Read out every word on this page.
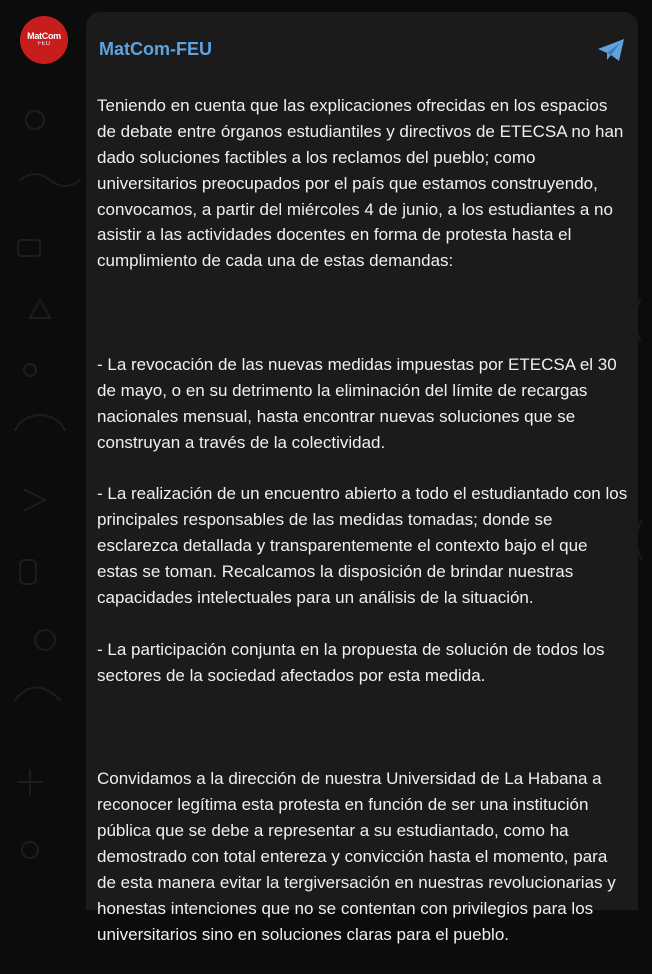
MatCom
FEU	MatCom-FEU

Teniendo en cuenta que las explicaciones ofrecidas en los espacios de debate entre órganos estudiantiles y directivos de ETECSA no han dado soluciones factibles a los reclamos del pueblo; como universitarios preocupados por el país que estamos construyendo, convocamos, a partir del miércoles 4 de junio, a los estudiantes a no asistir a las actividades docentes en forma de protesta hasta el cumplimiento de cada una de estas demandas:

- La revocación de las nuevas medidas impuestas por ETECSA el 30 de mayo, o en su detrimento la eliminación del límite de recargas nacionales mensual, hasta encontrar nuevas soluciones que se construyan a través de la colectividad.

- La realización de un encuentro abierto a todo el estudiantado con los principales responsables de las medidas tomadas; donde se esclarezca detallada y transparentemente el contexto bajo el que estas se toman. Recalcamos la disposición de brindar nuestras capacidades intelectuales para un análisis de la situación.

- La participación conjunta en la propuesta de solución de todos los sectores de la sociedad afectados por esta medida.

Convidamos a la dirección de nuestra Universidad de La Habana a reconocer legítima esta protesta en función de ser una institución pública que se debe a representar a su estudiantado, como ha demostrado con total entereza y convicción hasta el momento, para de esta manera evitar la tergiversación en nuestras revolucionarias y honestas intenciones que no se contentan con privilegios para los universitarios sino en soluciones claras para el pueblo.
